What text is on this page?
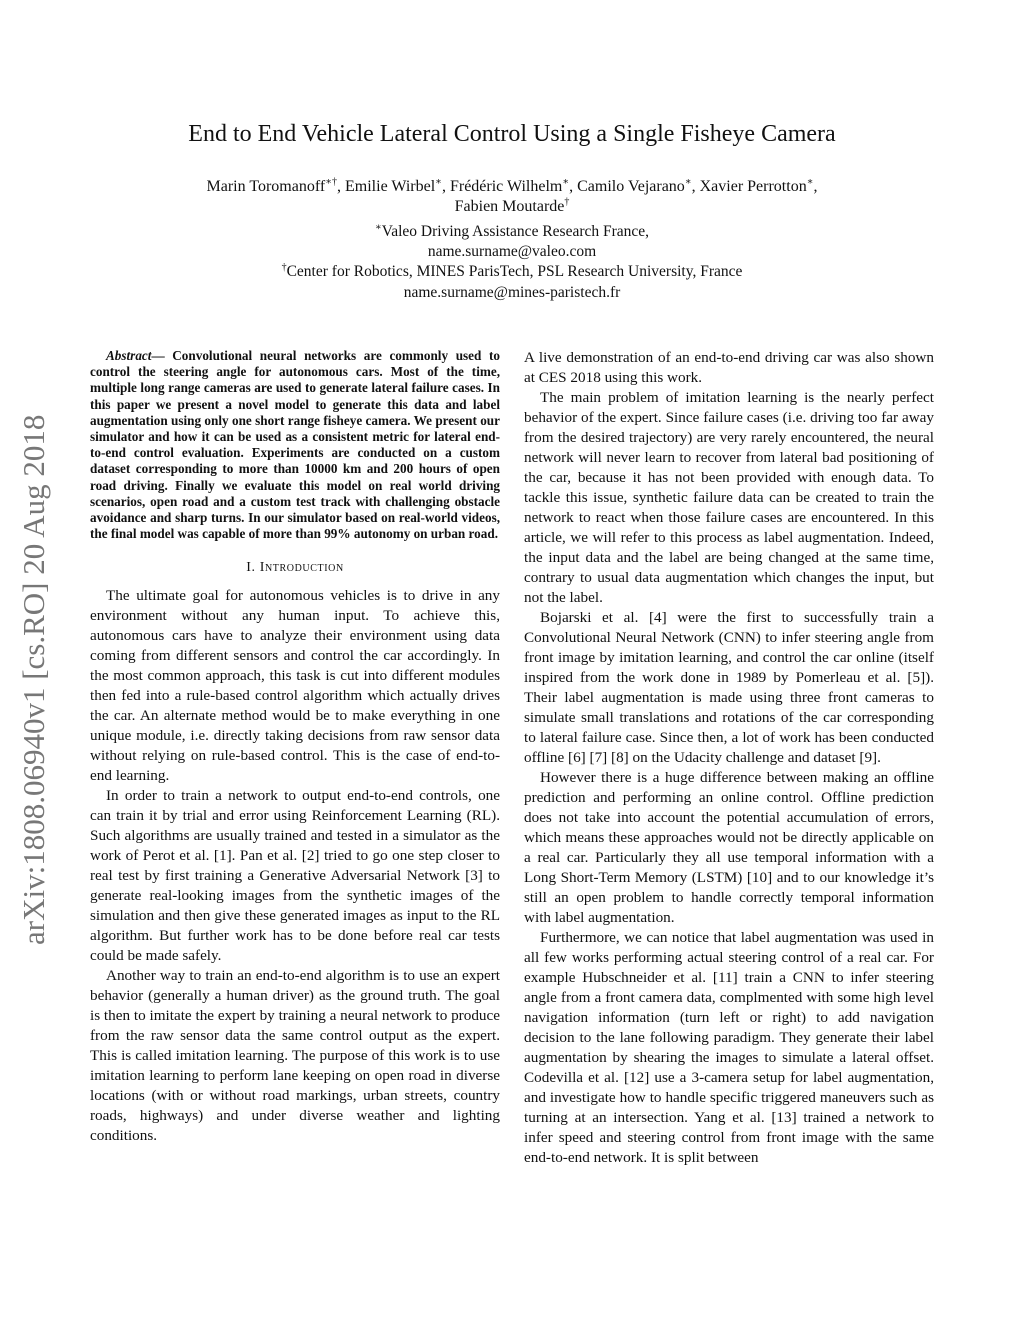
arXiv:1808.06940v1 [cs.RO] 20 Aug 2018
End to End Vehicle Lateral Control Using a Single Fisheye Camera
Marin Toromanoff∗†, Emilie Wirbel∗, Frédéric Wilhelm∗, Camilo Vejarano∗, Xavier Perrotton∗,
Fabien Moutarde†
∗Valeo Driving Assistance Research France,
name.surname@valeo.com
†Center for Robotics, MINES ParisTech, PSL Research University, France
name.surname@mines-paristech.fr
Abstract— Convolutional neural networks are commonly used to control the steering angle for autonomous cars. Most of the time, multiple long range cameras are used to generate lateral failure cases. In this paper we present a novel model to generate this data and label augmentation using only one short range fisheye camera. We present our simulator and how it can be used as a consistent metric for lateral end-to-end control evaluation. Experiments are conducted on a custom dataset corresponding to more than 10000 km and 200 hours of open road driving. Finally we evaluate this model on real world driving scenarios, open road and a custom test track with challenging obstacle avoidance and sharp turns. In our simulator based on real-world videos, the final model was capable of more than 99% autonomy on urban road.
I. Introduction

The ultimate goal for autonomous vehicles is to drive in any environment without any human input. To achieve this, autonomous cars have to analyze their environment using data coming from different sensors and control the car accordingly. In the most common approach, this task is cut into different modules then fed into a rule-based control algorithm which actually drives the car. An alternate method would be to make everything in one unique module, i.e. directly taking decisions from raw sensor data without relying on rule-based control. This is the case of end-to-end learning.

In order to train a network to output end-to-end controls, one can train it by trial and error using Reinforcement Learning (RL). Such algorithms are usually trained and tested in a simulator as the work of Perot et al. [1]. Pan et al. [2] tried to go one step closer to real test by first training a Generative Adversarial Network [3] to generate real-looking images from the synthetic images of the simulation and then give these generated images as input to the RL algorithm. But further work has to be done before real car tests could be made safely.

Another way to train an end-to-end algorithm is to use an expert behavior (generally a human driver) as the ground truth. The goal is then to imitate the expert by training a neural network to produce from the raw sensor data the same control output as the expert. This is called imitation learning. The purpose of this work is to use imitation learning to perform lane keeping on open road in diverse locations (with or without road markings, urban streets, country roads, highways) and under diverse weather and lighting conditions.

A live demonstration of an end-to-end driving car was also shown at CES 2018 using this work.

The main problem of imitation learning is the nearly perfect behavior of the expert. Since failure cases (i.e. driving too far away from the desired trajectory) are very rarely encountered, the neural network will never learn to recover from lateral bad positioning of the car, because it has not been provided with enough data. To tackle this issue, synthetic failure data can be created to train the network to react when those failure cases are encountered. In this article, we will refer to this process as label augmentation. Indeed, the input data and the label are being changed at the same time, contrary to usual data augmentation which changes the input, but not the label.

Bojarski et al. [4] were the first to successfully train a Convolutional Neural Network (CNN) to infer steering angle from front image by imitation learning, and control the car online (itself inspired from the work done in 1989 by Pomerleau et al. [5]). Their label augmentation is made using three front cameras to simulate small translations and rotations of the car corresponding to lateral failure case. Since then, a lot of work has been conducted offline [6] [7] [8] on the Udacity challenge and dataset [9].

However there is a huge difference between making an offline prediction and performing an online control. Offline prediction does not take into account the potential accumulation of errors, which means these approaches would not be directly applicable on a real car. Particularly they all use temporal information with a Long Short-Term Memory (LSTM) [10] and to our knowledge it’s still an open problem to handle correctly temporal information with label augmentation.

Furthermore, we can notice that label augmentation was used in all few works performing actual steering control of a real car. For example Hubschneider et al. [11] train a CNN to infer steering angle from a front camera data, complmented with some high level navigation information (turn left or right) to add navigation decision to the lane following paradigm. They generate their label augmentation by shearing the images to simulate a lateral offset. Codevilla et al. [12] use a 3-camera setup for label augmentation, and investigate how to handle specific triggered maneuvers such as turning at an intersection. Yang et al. [13] trained a network to infer speed and steering control from front image with the same end-to-end network. It is split between
